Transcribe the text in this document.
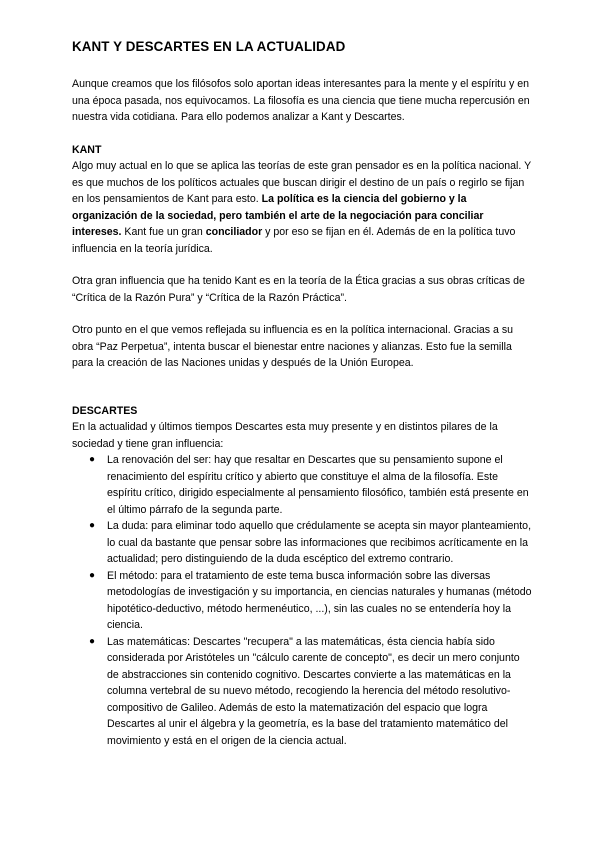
KANT Y DESCARTES EN LA ACTUALIDAD

Aunque creamos que los filósofos solo aportan ideas interesantes para la mente y el espíritu y en una época pasada, nos equivocamos. La filosofía es una ciencia que tiene mucha repercusión en nuestra vida cotidiana. Para ello podemos analizar a Kant y Descartes.

KANT

Algo muy actual en lo que se aplica las teorías de este gran pensador es en la política nacional. Y es que muchos de los políticos actuales que buscan dirigir el destino de un país o regirlo se fijan en los pensamientos de Kant para esto. La política es la ciencia del gobierno y la organización de la sociedad, pero también el arte de la negociación para conciliar intereses. Kant fue un gran conciliador y por eso se fijan en él. Además de en la política tuvo influencia en la teoría jurídica.

Otra gran influencia que ha tenido Kant es en la teoría de la Ética gracias a sus obras críticas de “Crítica de la Razón Pura” y “Crítica de la Razón Práctica”.

Otro punto en el que vemos reflejada su influencia es en la política internacional. Gracias a su obra “Paz Perpetua”, intenta buscar el bienestar entre naciones y alianzas. Esto fue la semilla para la creación de las Naciones unidas y después de la Unión Europea.

DESCARTES

En la actualidad y últimos tiempos Descartes esta muy presente y en distintos pilares de la sociedad y tiene gran influencia:

● La renovación del ser: hay que resaltar en Descartes que su pensamiento supone el renacimiento del espíritu crítico y abierto que constituye el alma de la filosofía. Este espíritu crítico, dirigido especialmente al pensamiento filosófico, también está presente en el último párrafo de la segunda parte.
● La duda: para eliminar todo aquello que crédulamente se acepta sin mayor planteamiento, lo cual da bastante que pensar sobre las informaciones que recibimos acríticamente en la actualidad; pero distinguiendo de la duda escéptico del extremo contrario.
● El método: para el tratamiento de este tema busca información sobre las diversas metodologías de investigación y su importancia, en ciencias naturales y humanas (método hipotético-deductivo, método hermenéutico, ...), sin las cuales no se entendería hoy la ciencia.
● Las matemáticas: Descartes "recupera" a las matemáticas, ésta ciencia había sido considerada por Aristóteles un "cálculo carente de concepto", es decir un mero conjunto de abstracciones sin contenido cognitivo. Descartes convierte a las matemáticas en la columna vertebral de su nuevo método, recogiendo la herencia del método resolutivo-compositivo de Galileo. Además de esto la matematización del espacio que logra Descartes al unir el álgebra y la geometría, es la base del tratamiento matemático del movimiento y está en el origen de la ciencia actual.
